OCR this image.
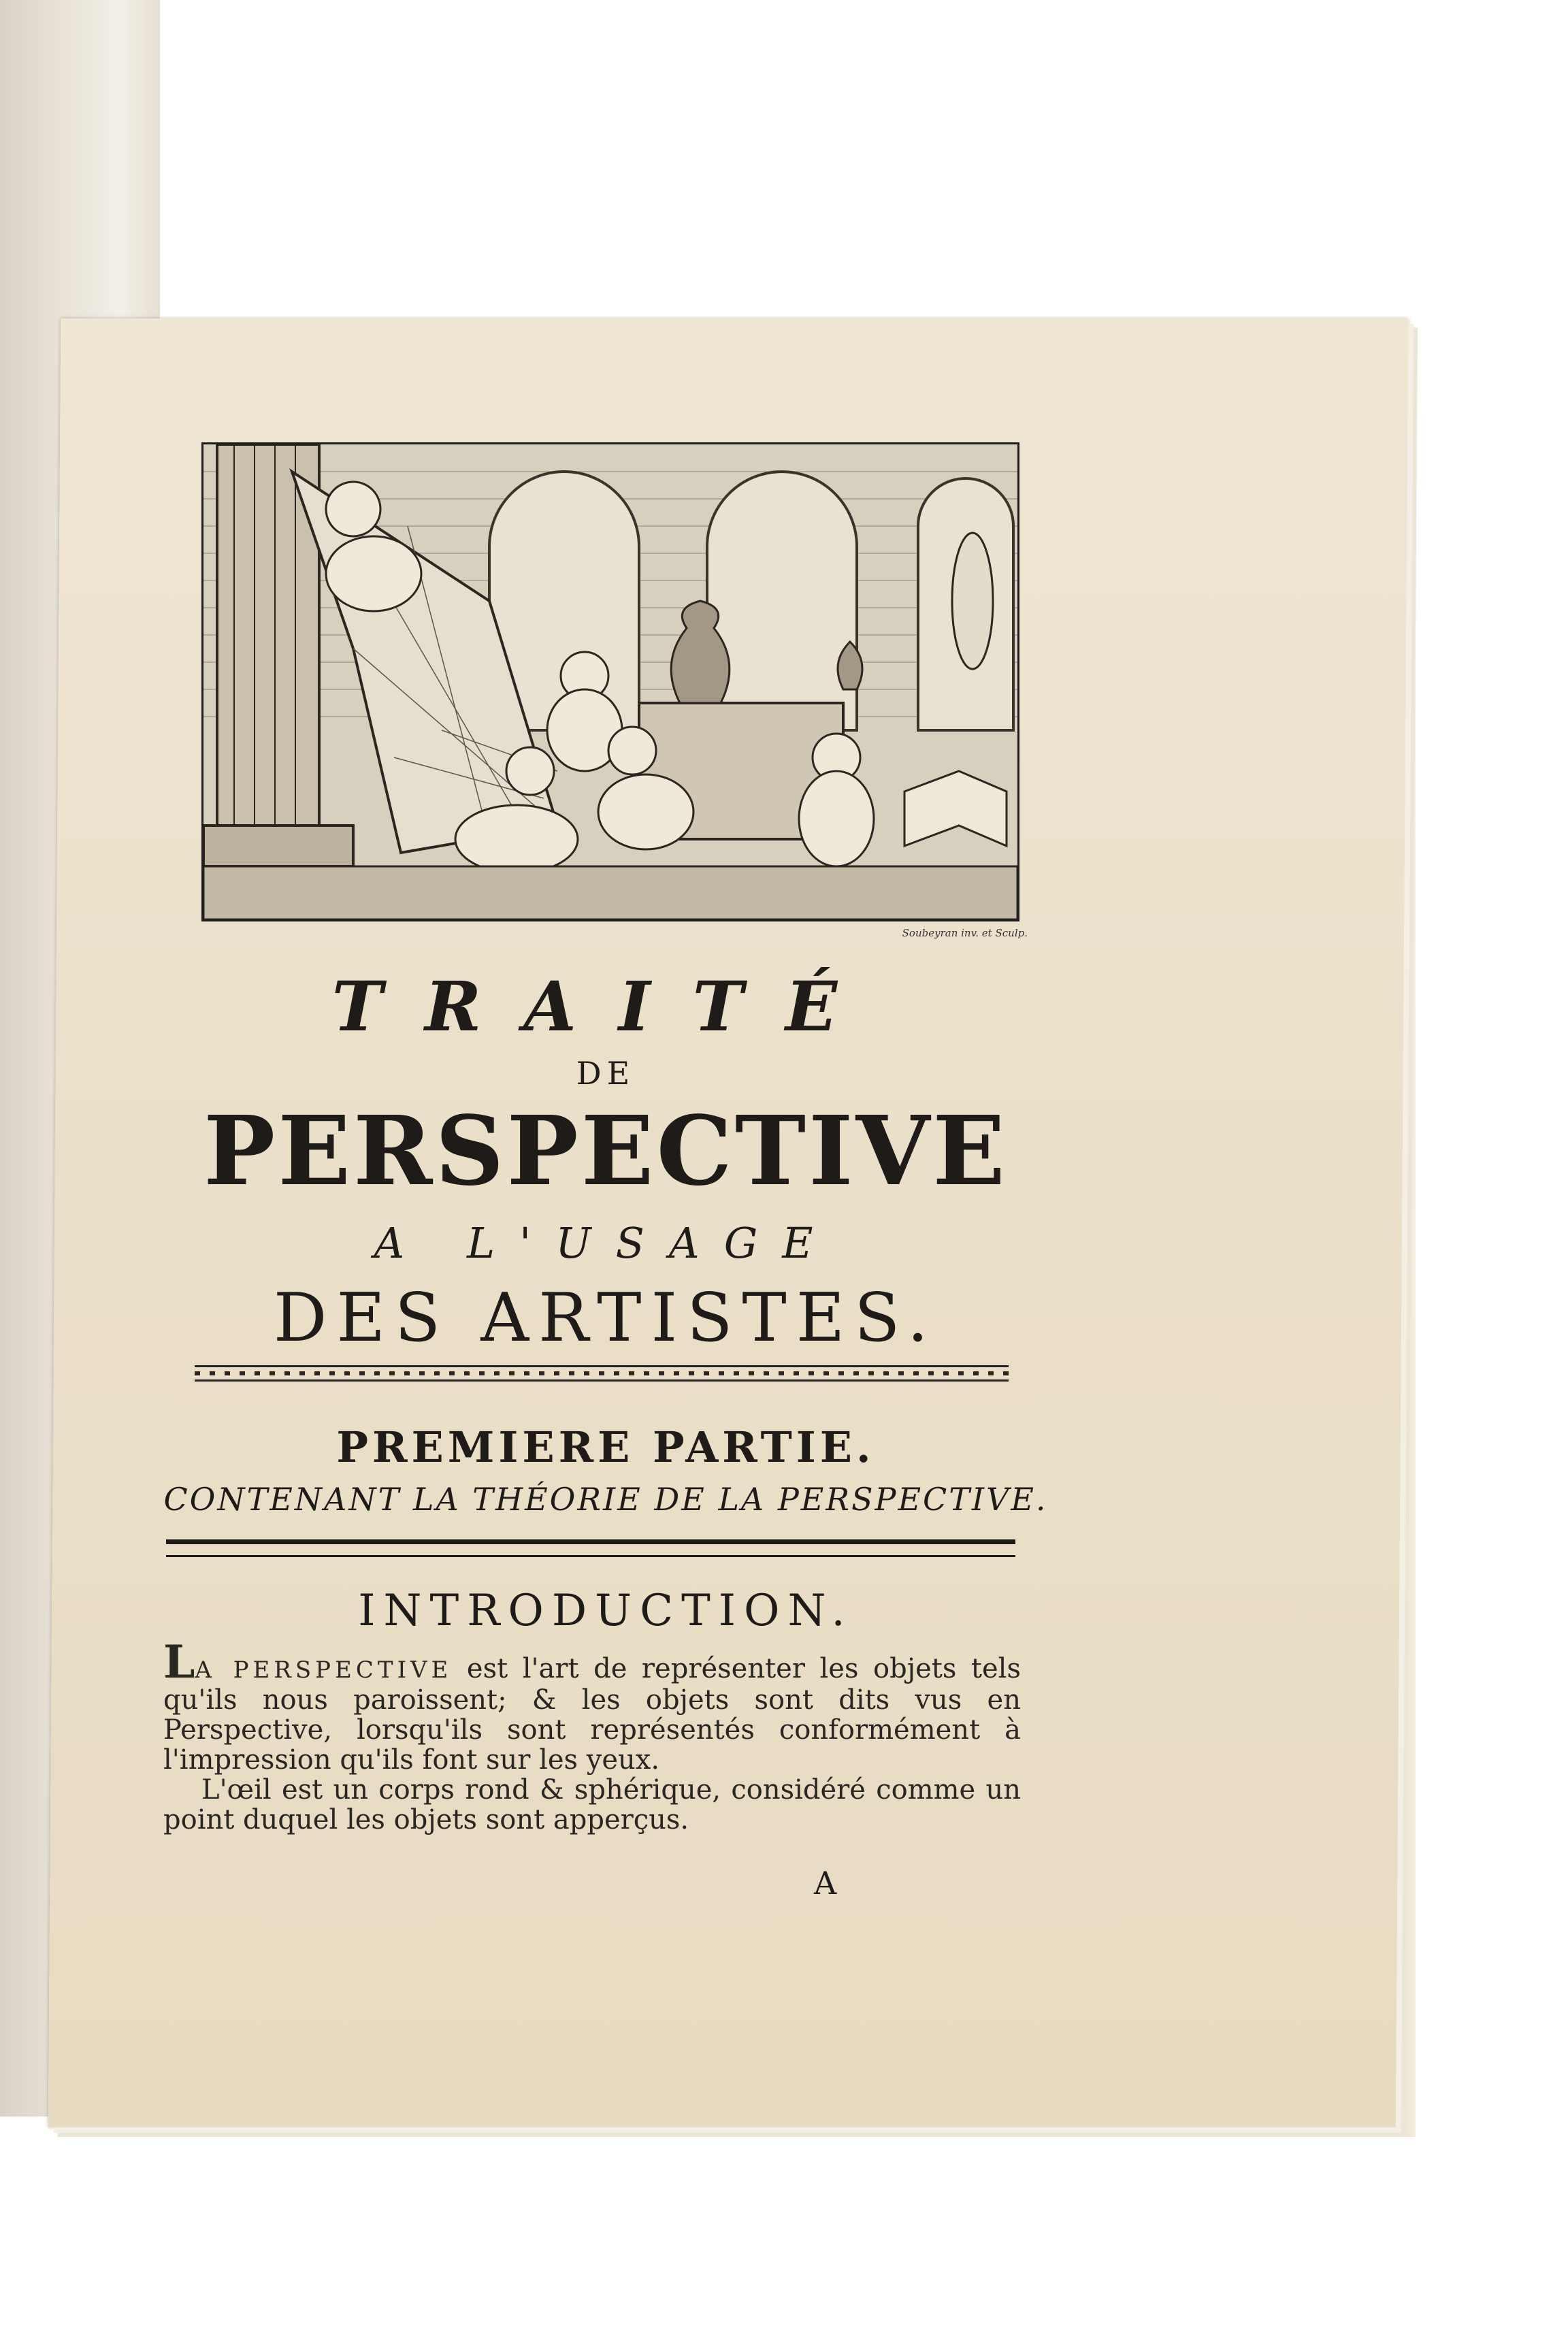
Soubeyran inv. et Sculp.
TRAITÉ
DE
PERSPECTIVE
A L'USAGE
DES ARTISTES.
PREMIERE PARTIE.
CONTENANT LA THÉORIE DE LA PERSPECTIVE.
INTRODUCTION.

LA PERSPECTIVE est l'art de représenter les objets tels qu'ils nous paroissent; & les objets sont dits vus en Perspective, lorsqu'ils sont représentés conformément à l'impression qu'ils font sur les yeux.

L'œil est un corps rond & sphérique, considéré comme un point duquel les objets sont apperçus.

A
